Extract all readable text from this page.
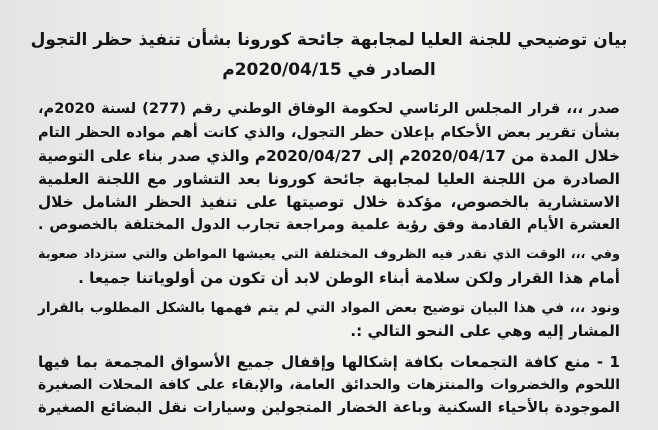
بيان توضيحي للجنة العليا لمجابهة جائحة كورونا بشأن تنفيذ حظر التجول
الصادر في 2020/04/15م
صدر ،،، قرار المجلس الرئاسي لحكومة الوفاق الوطني رقم (277) لسنة 2020م،
بشأن تقرير بعض الأحكام بإعلان حظر التجول، والذي كانت أهم مواده الحظر التام
خلال المدة من 2020/04/17م إلى 2020/04/27م والذي صدر بناء على التوصية
الصادرة من اللجنة العليا لمجابهة جائحة كورونا بعد التشاور مع اللجنة العلمية
الاستشارية بالخصوص، مؤكدة خلال توصيتها على تنفيذ الحظر الشامل خلال
العشرة الأيام القادمة وفق رؤية علمية ومراجعة تجارب الدول المختلفة بالخصوص .
وفي ،،، الوقت الذي نقدر فيه الظروف المختلفة التي يعيشها المواطن والتي ستزداد صعوبة
أمام هذا القرار ولكن سلامة أبناء الوطن لابد أن تكون من أولوياتنا جميعا .
ونود ،،، في هذا البيان توضيح بعض المواد التي لم يتم فهمها بالشكل المطلوب بالقرار
المشار إليه وهي على النحو التالي :.
1 - منع كافة التجمعات بكافة إشكالها وإقفال جميع الأسواق المجمعة بما فيها
اللحوم والخضروات والمنتزهات والحدائق العامة، والإبقاء على كافة المحلات الصغيرة
الموجودة بالأحياء السكنية وباعة الخضار المتجولين وسيارات نقل البضائع الصغيرة
